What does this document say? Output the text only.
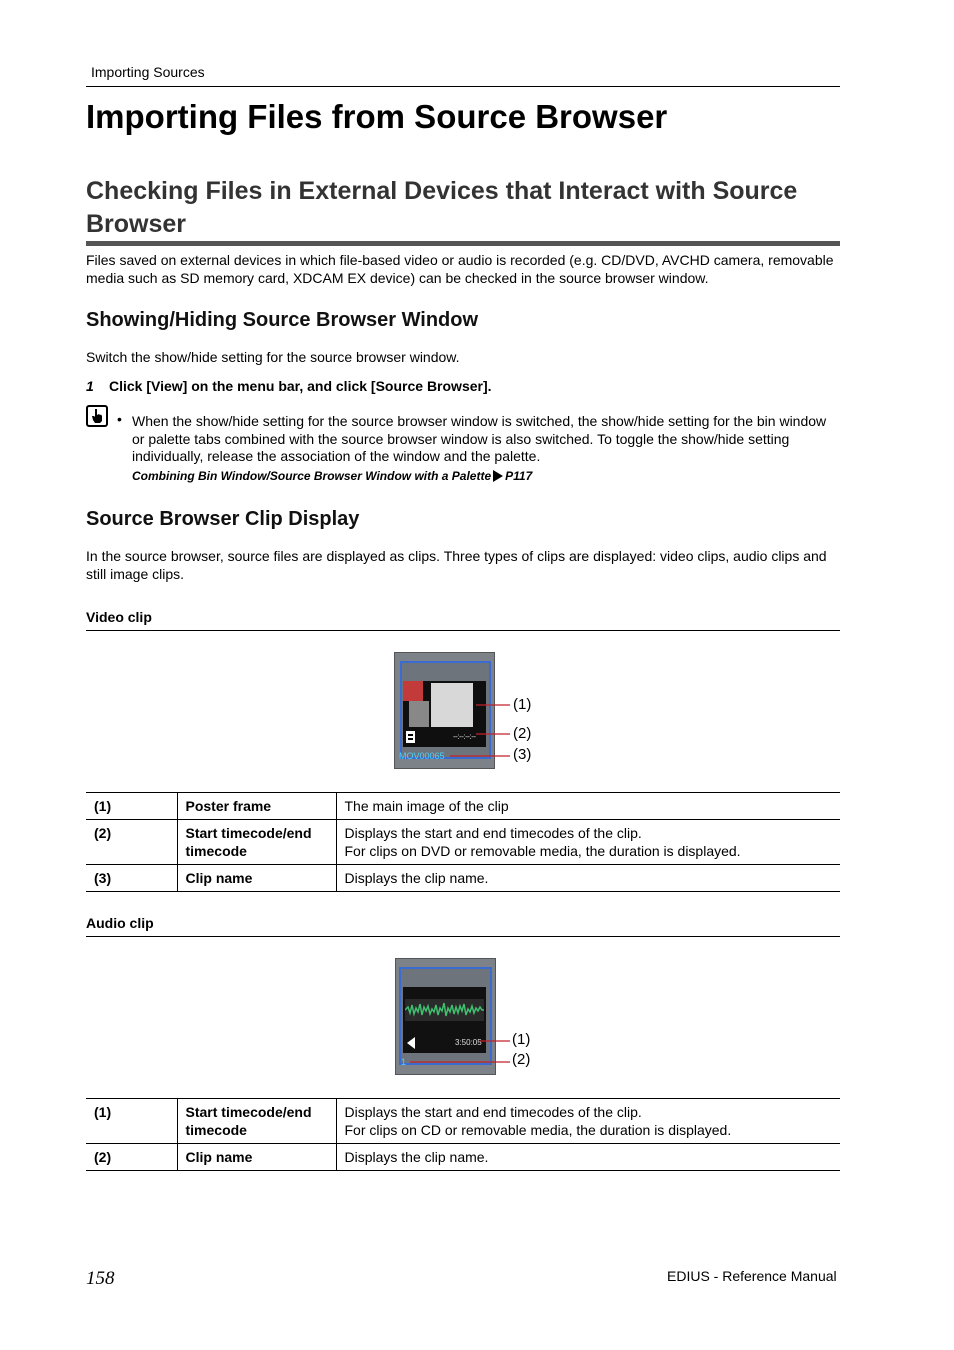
Importing Sources
Importing Files from Source Browser
Checking Files in External Devices that Interact with Source Browser
Files saved on external devices in which file-based video or audio is recorded (e.g. CD/DVD, AVCHD camera, removable media such as SD memory card, XDCAM EX device) can be checked in the source browser window.
Showing/Hiding Source Browser Window
Switch the show/hide setting for the source browser window.
1 Click [View] on the menu bar, and click [Source Browser].
• When the show/hide setting for the source browser window is switched, the show/hide setting for the bin window or palette tabs combined with the source browser window is also switched. To toggle the show/hide setting individually, release the association of the window and the palette.
Combining Bin Window/Source Browser Window with a Palette P117
Source Browser Clip Display
In the source browser, source files are displayed as clips. Three types of clips are displayed: video clips, audio clips and still image clips.
Video clip
--:--:--:--
MOV00065
(1)
(2)
(3)
(1)	Poster frame	The main image of the clip
(2)	Start timecode/end timecode	Displays the start and end timecodes of the clip.
For clips on DVD or removable media, the duration is displayed.
(3)	Clip name	Displays the clip name.
Audio clip
3:50:05
1
(1)
(2)
(1)	Start timecode/end timecode	Displays the start and end timecodes of the clip.
For clips on CD or removable media, the duration is displayed.
(2)	Clip name	Displays the clip name.
158	EDIUS - Reference Manual
